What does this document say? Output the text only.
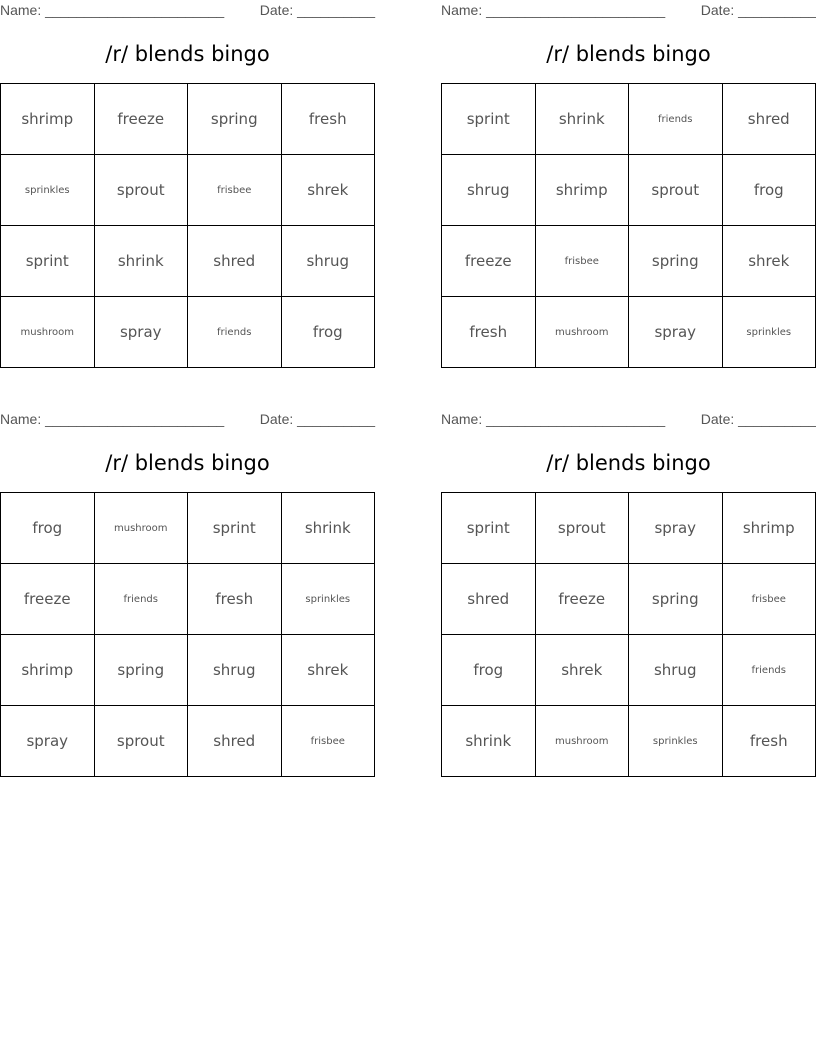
Name: _______________________	Date: __________
/r/ blends bingo
shrimp	freeze	spring	fresh
sprinkles	sprout	frisbee	shrek
sprint	shrink	shred	shrug
mushroom	spray	friends	frog
Name: _______________________	Date: __________
/r/ blends bingo
sprint	shrink	friends	shred
shrug	shrimp	sprout	frog
freeze	frisbee	spring	shrek
fresh	mushroom	spray	sprinkles
Name: _______________________	Date: __________
/r/ blends bingo
frog	mushroom	sprint	shrink
freeze	friends	fresh	sprinkles
shrimp	spring	shrug	shrek
spray	sprout	shred	frisbee
Name: _______________________	Date: __________
/r/ blends bingo
sprint	sprout	spray	shrimp
shred	freeze	spring	frisbee
frog	shrek	shrug	friends
shrink	mushroom	sprinkles	fresh
